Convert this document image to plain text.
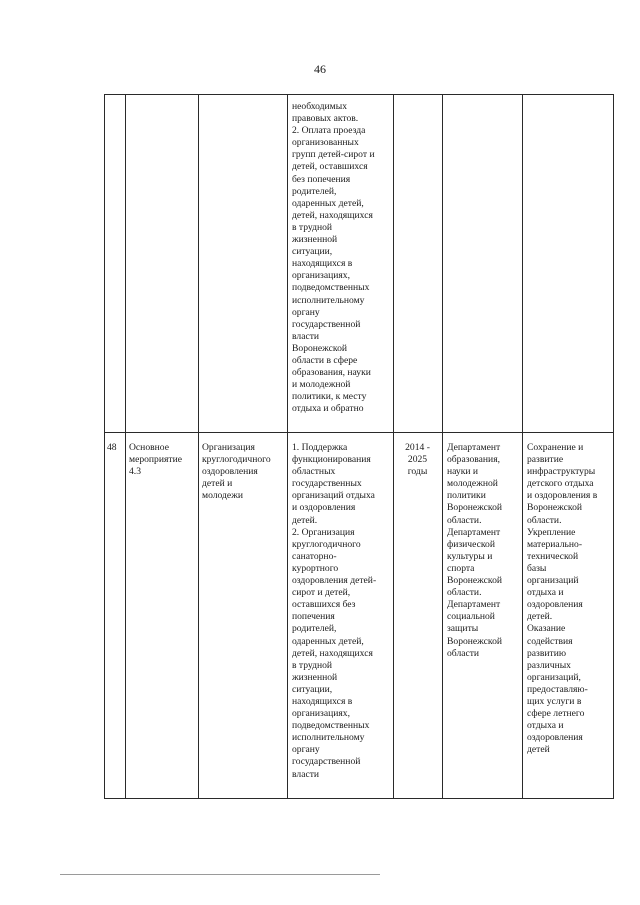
46
необходимых
правовых актов.
2. Оплата проезда
организованных
групп детей-сирот и
детей, оставшихся
без попечения
родителей,
одаренных детей,
детей, находящихся
в трудной
жизненной
ситуации,
находящихся в
организациях,
подведомственных
исполнительному
органу
государственной
власти
Воронежской
области в сфере
образования, науки
и молодежной
политики, к месту
отдыха и обратно
48	Основное
мероприятие
4.3
Организация
круглогодичного
оздоровления
детей и
молодежи
1. Поддержка
функционирования
областных
государственных
организаций отдыха
и оздоровления
детей.
2. Организация
круглогодичного
санаторно-
курортного
оздоровления детей-
сирот и детей,
оставшихся без
попечения
родителей,
одаренных детей,
детей, находящихся
в трудной
жизненной
ситуации,
находящихся в
организациях,
подведомственных
исполнительному
органу
государственной
власти
2014 -
2025
годы
Департамент
образования,
науки и
молодежной
политики
Воронежской
области.
Департамент
физической
культуры и
спорта
Воронежской
области.
Департамент
социальной
защиты
Воронежской
области
Сохранение и
развитие
инфраструктуры
детского отдыха
и оздоровления в
Воронежской
области.
Укрепление
материально-
технической
базы
организаций
отдыха и
оздоровления
детей.
Оказание
содействия
развитию
различных
организаций,
предоставляю-
щих услуги в
сфере летнего
отдыха и
оздоровления
детей
